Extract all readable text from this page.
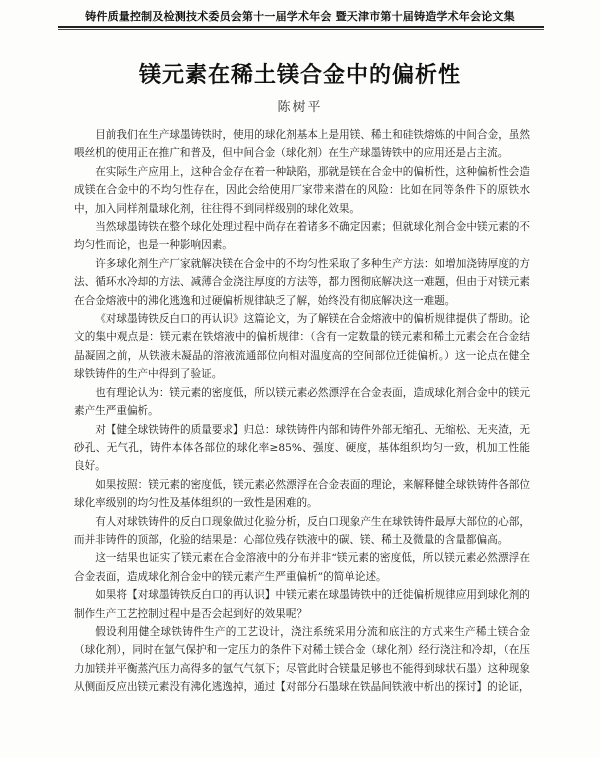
铸件质量控制及检测技术委员会第十一届学术年会 暨天津市第十届铸造学术年会论文集
镁元素在稀土镁合金中的偏析性
陈树平

目前我们在生产球墨铸铁时，使用的球化剂基本上是用镁、稀土和硅铁熔炼的中间合金，虽然喂丝机的使用正在推广和普及，但中间合金（球化剂）在生产球墨铸铁中的应用还是占主流。

在实际生产应用上，这种合金存在着一种缺陷，那就是镁在合金中的偏析性，这种偏析性会造成镁在合金中的不均匀性存在，因此会给使用厂家带来潜在的风险：比如在同等条件下的原铁水中，加入同样剂量球化剂，往往得不到同样级别的球化效果。

当然球墨铸铁在整个球化处理过程中尚存在着诸多不确定因素；但就球化剂合金中镁元素的不均匀性而论，也是一种影响因素。

许多球化剂生产厂家就解决镁在合金中的不均匀性采取了多种生产方法：如增加浇铸厚度的方法、循环水冷却的方法、减薄合金浇注厚度的方法等，都力图彻底解决这一难题，但由于对镁元素在合金熔液中的沸化逃逸和过硬偏析规律缺乏了解，始终没有彻底解决这一难题。

《对球墨铸铁反白口的再认识》这篇论文，为了解镁在合金熔液中的偏析规律提供了帮助。论文的集中观点是：镁元素在铁熔液中的偏析规律：（含有一定数量的镁元素和稀土元素会在合金结晶凝固之前，从铁液未凝晶的溶液流通部位向相对温度高的空间部位迁徙偏析。）这一论点在健全球铁铸件的生产中得到了验证。

也有理论认为：镁元素的密度低，所以镁元素必然漂浮在合金表面，造成球化剂合金中的镁元素产生严重偏析。

对【健全球铁铸件的质量要求】归总：球铁铸件内部和铸件外部无缩孔、无缩松、无夹渣，无砂孔、无气孔，铸件本体各部位的球化率≥85%、强度、硬度，基体组织均匀一致，机加工性能良好。

如果按照：镁元素的密度低，镁元素必然漂浮在合金表面的理论，来解释健全球铁铸件各部位球化率级别的均匀性及基体组织的一致性是困难的。

有人对球铁铸件的反白口现象做过化验分析，反白口现象产生在球铁铸件最厚大部位的心部，而并非铸件的顶部，化验的结果是：心部位残存铁液中的碳、镁、稀土及微量的含量都偏高。

这一结果也证实了镁元素在合金溶液中的分布并非“镁元素的密度低，所以镁元素必然漂浮在合金表面，造成球化剂合金中的镁元素产生严重偏析”的简单论述。

如果将【对球墨铸铁反白口的再认识】中镁元素在球墨铸铁中的迁徙偏析规律应用到球化剂的制作生产工艺控制过程中是否会起到好的效果呢？

假设利用健全球铁铸件生产的工艺设计，浇注系统采用分流和底注的方式来生产稀土镁合金（球化剂），同时在氩气保护和一定压力的条件下对稀土镁合金（球化剂）经行浇注和冷却，（在压力加镁并平衡蒸汽压力高得多的氩气气氛下；尽管此时合镁量足够也不能得到球状石墨）这种现象从侧面反应出镁元素没有沸化逃逸掉，通过【对部分石墨球在铁晶间铁液中析出的探讨】的论证，
